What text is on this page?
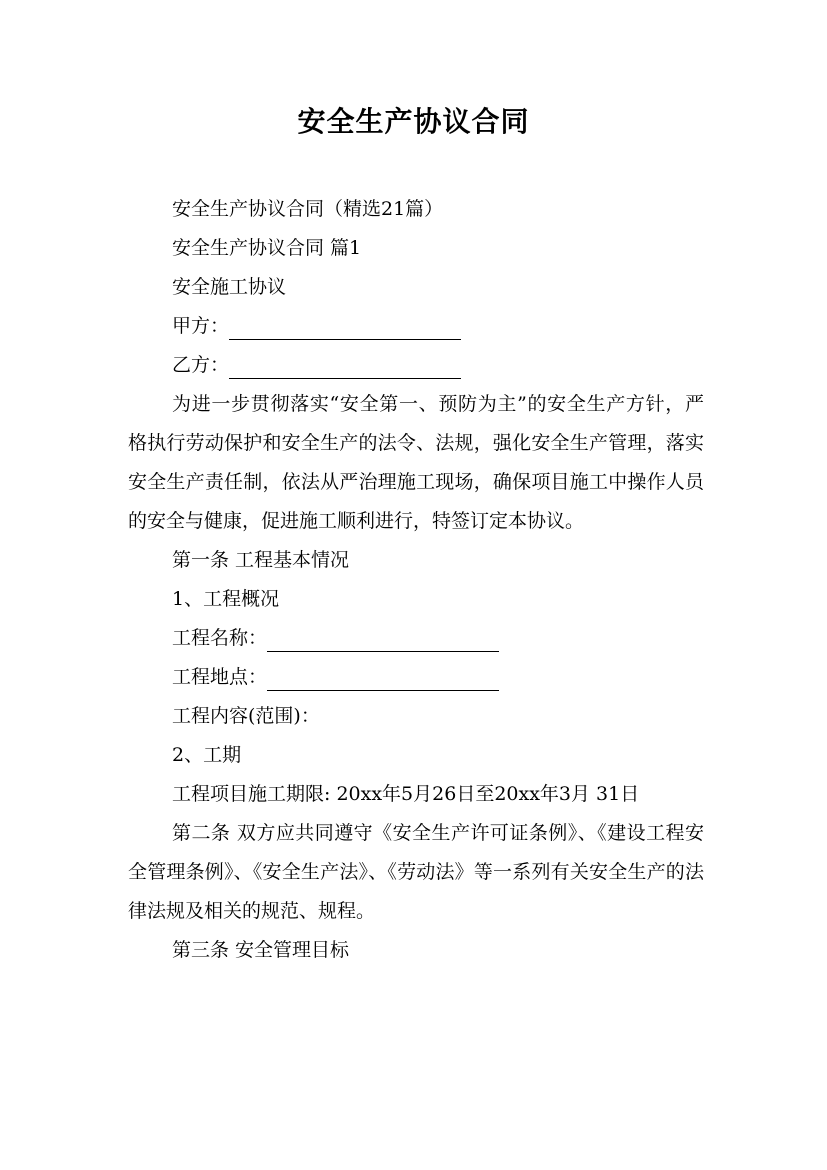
安全生产协议合同

安全生产协议合同（精选21篇）

安全生产协议合同 篇1

安全施工协议

甲方：

乙方：

为进一步贯彻落实“安全第一、预防为主”的安全生产方针，严格执行劳动保护和安全生产的法令、法规，强化安全生产管理，落实安全生产责任制，依法从严治理施工现场，确保项目施工中操作人员的安全与健康，促进施工顺利进行，特签订定本协议。

第一条 工程基本情况

1、工程概况

工程名称：

工程地点：

工程内容(范围)：

2、工期

工程项目施工期限: 20xx年5月26日至20xx年3月 31日

第二条 双方应共同遵守《安全生产许可证条例》、《建设工程安全管理条例》、《安全生产法》、《劳动法》等一系列有关安全生产的法律法规及相关的规范、规程。

第三条 安全管理目标
